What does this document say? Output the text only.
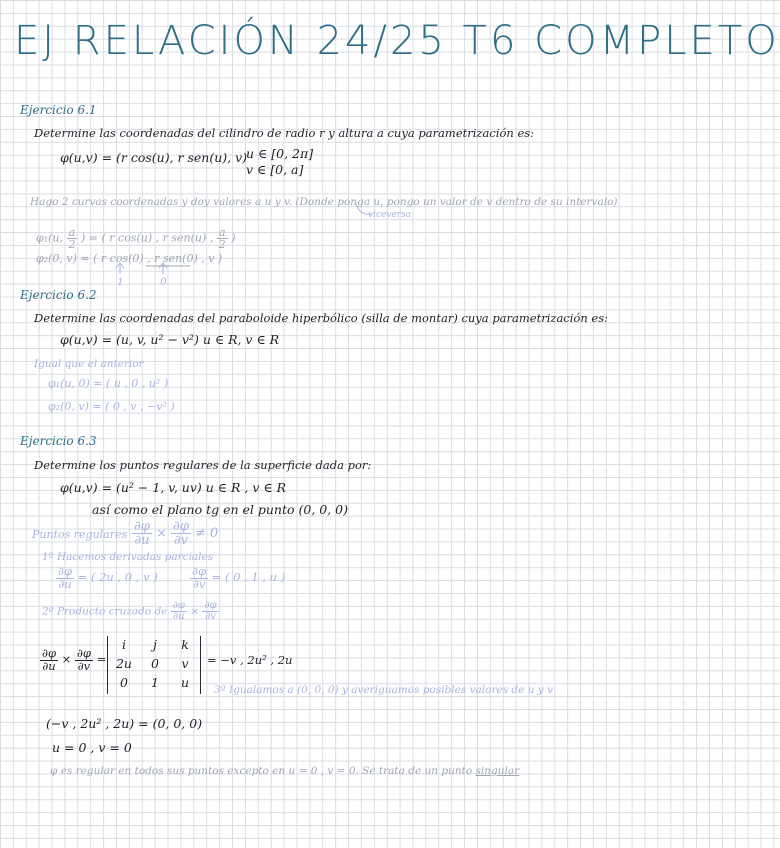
EJ RELACIÓN 24/25 T6 COMPLETO
Ejercicio 6.1
Determine las coordenadas del cilindro de radio r y altura a cuya parametrización es:
φ(u,v) = (r cos(u), r sen(u), v)
u ∈ [0, 2π]
v ∈ [0, a]
Hago 2 curvas coordenadas y doy valores a u y v. (Donde ponga u, pongo un valor de v dentro de su intervalo)
viceversa
φ₁(u, $\frac{a}{2}$ ) = ( r cos(u) , r sen(u) , $\frac{a}{2}$ )
φ₂(0, v) = ( r cos(0) , r sen(0) , v )
1	0
Ejercicio 6.2
Determine las coordenadas del paraboloide hiperbólico (silla de montar) cuya parametrización es:
φ(u,v) = (u, v, u² − v²) u ∈ R, v ∈ R
Igual que el anterior
φ₁(u, 0) = ( u , 0 , u² )
φ₂(0, v) = ( 0 , v , −v² )
Ejercicio 6.3
Determine los puntos regulares de la superficie dada por:
φ(u,v) = (u² − 1, v, uv) u ∈ R , v ∈ R
así como el plano tg en el punto (0, 0, 0)
Puntos regulares $\frac{\partial\varphi}{\partial u} \times \frac{\partial\varphi}{\partial v} \ne 0$
1º Hacemos derivadas parciales
$\frac{\partial\varphi}{\partial u}$ = ( 2u , 0 , v )	$\frac{\partial\varphi}{\partial v}$ = ( 0 , 1 , u )
2º Producto cruzado de $\frac{\partial\varphi}{\partial u} \times \frac{\partial\varphi}{\partial v}$
$\frac{\partial\varphi}{\partial u} \times \frac{\partial\varphi}{\partial v}$ =
i	j	k
2u	0	v
0	1	u
= −v , 2u² , 2u
3º Igualamos a (0, 0, 0) y averiguamos posibles valores de u y v
(−v , 2u² , 2u) = (0, 0, 0)
u = 0 , v = 0
φ es regular en todos sus puntos excepto en u = 0 , v = 0. Se trata de un punto singular
